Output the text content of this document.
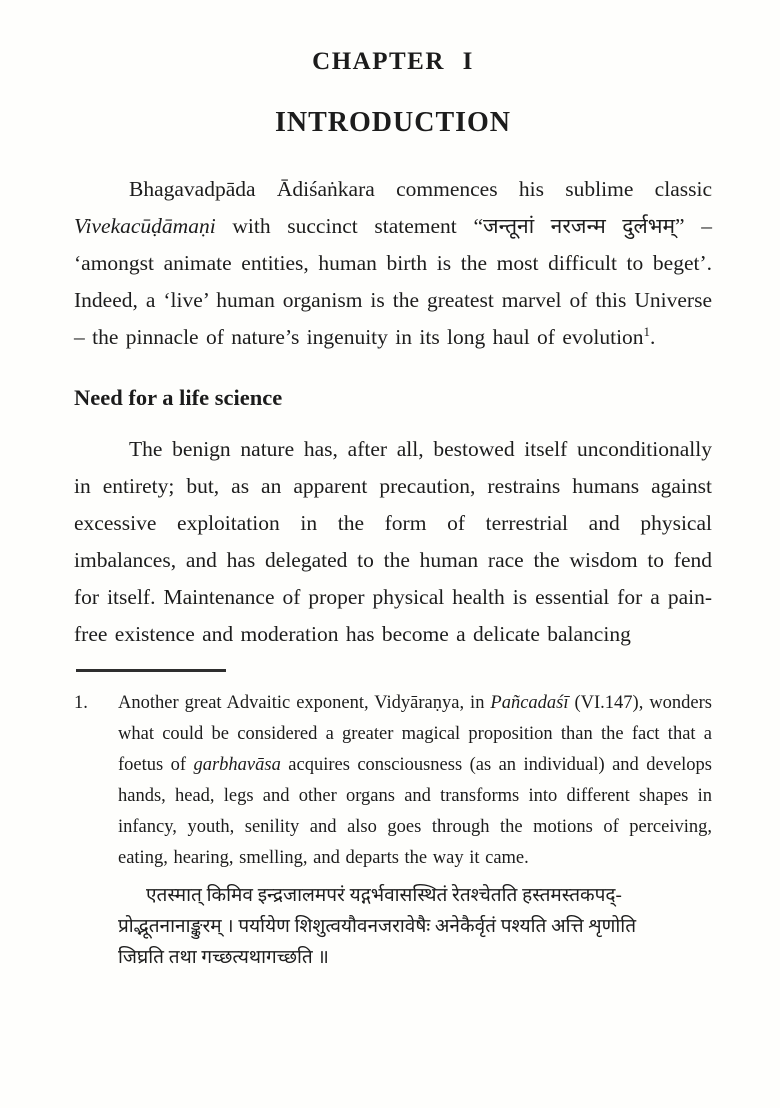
CHAPTER I
INTRODUCTION

Bhagavadpāda Ādiśaṅkara commences his sublime classic Vivekacūḍāmaṇi with succinct statement “जन्तूनां नरजन्म दुर्लभम्” – ‘amongst animate entities, human birth is the most difficult to beget’. Indeed, a ‘live’ human organism is the greatest marvel of this Universe – the pinnacle of nature’s ingenuity in its long haul of evolution$^1$.

Need for a life science

The benign nature has, after all, bestowed itself unconditionally in entirety; but, as an apparent precaution, restrains humans against excessive exploitation in the form of terrestrial and physical imbalances, and has delegated to the human race the wisdom to fend for itself. Maintenance of proper physical health is essential for a pain-free existence and moderation has become a delicate balancing

1.	Another great Advaitic exponent, Vidyāraṇya, in Pañcadaśī (VI.147), wonders what could be considered a greater magical proposition than the fact that a foetus of garbhavāsa acquires consciousness (as an individual) and develops hands, head, legs and other organs and transforms into different shapes in infancy, youth, senility and also goes through the motions of perceiving, eating, hearing, smelling, and departs the way it came.

एतस्मात् किमिव इन्द्रजालमपरं यद्गर्भवासस्थितं रेतश्चेतति हस्तमस्तकपद्-
प्रोद्भूतनानाङ्कुरम् । पर्यायेण शिशुत्वयौवनजरावेषैः अनेकैर्वृतं पश्यति अत्ति शृणोति
जिघ्रति तथा गच्छत्यथागच्छति ॥
